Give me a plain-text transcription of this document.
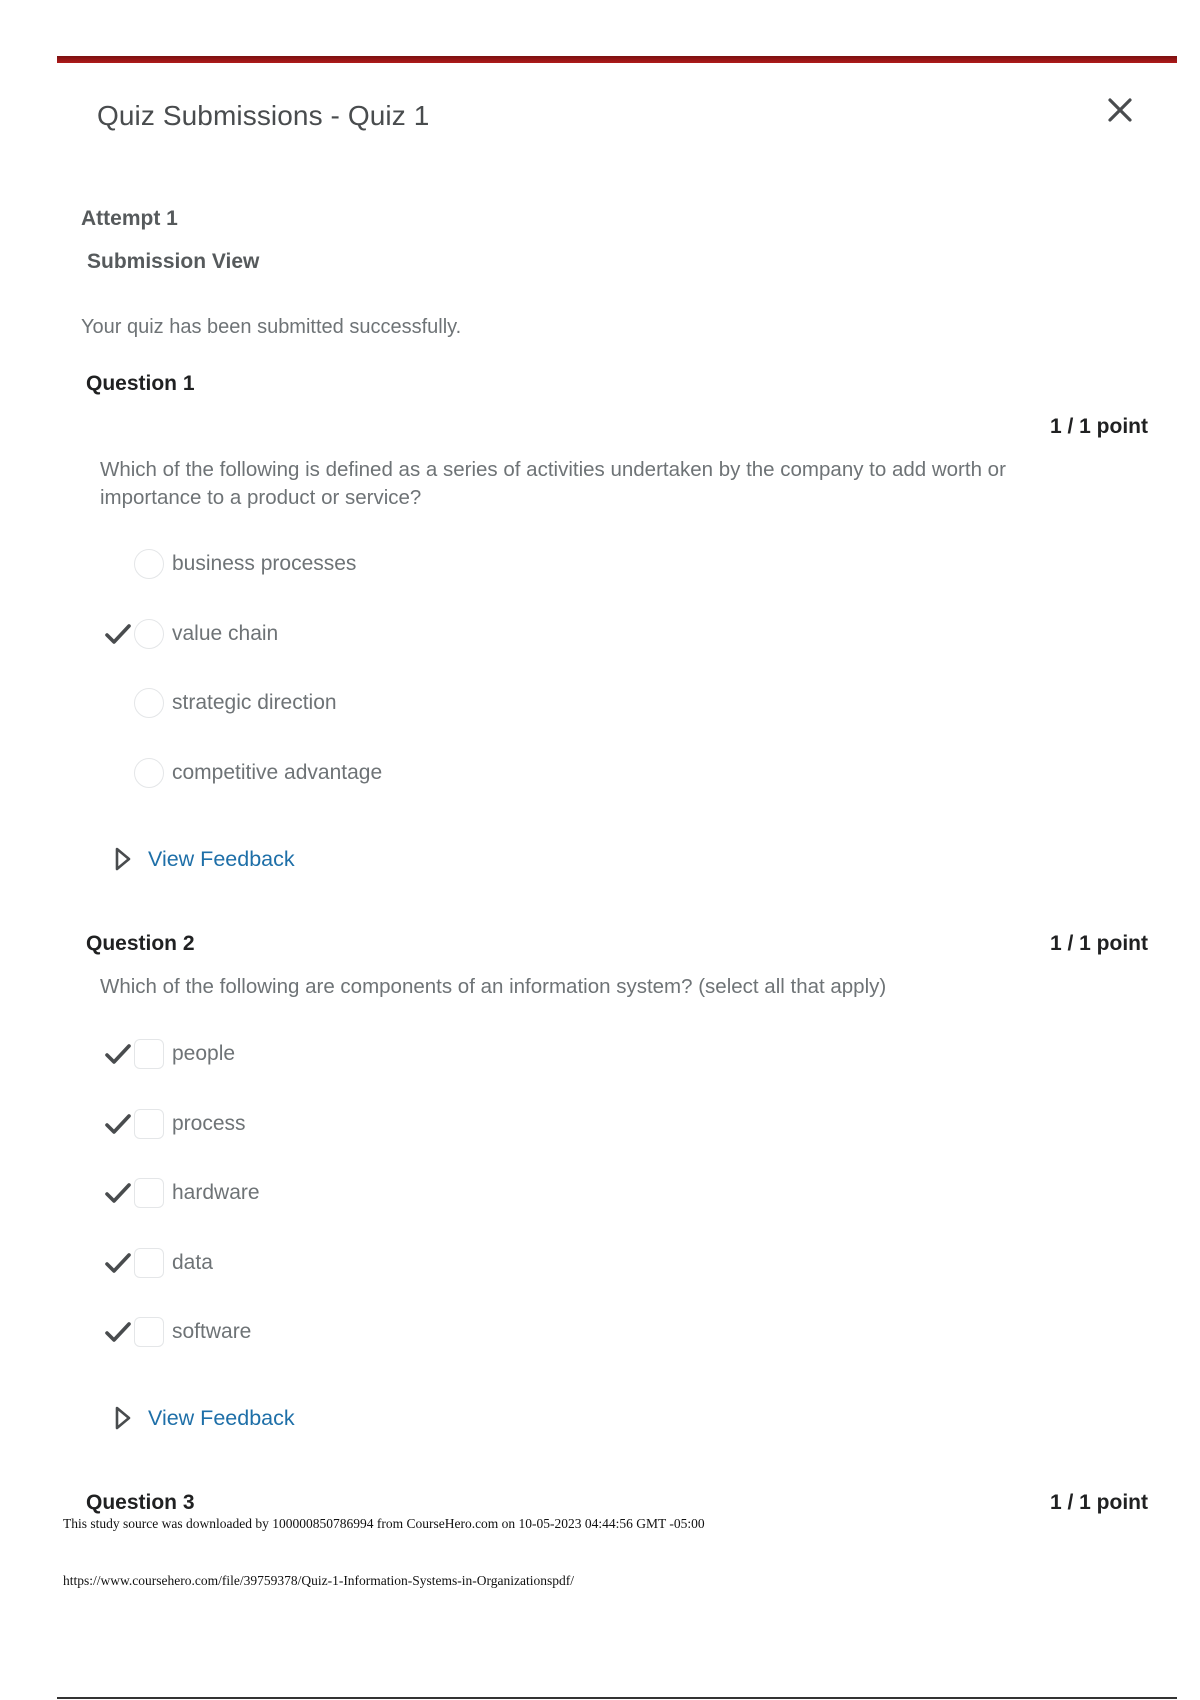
Quiz Submissions - Quiz 1
Attempt 1
Submission View
Your quiz has been submitted successfully.
Question 1
1 / 1 point
Which of the following is defined as a series of activities undertaken by the company to add worth or importance to a product or service?
business processes
value chain
strategic direction
competitive advantage
View Feedback
Question 2	1 / 1 point
Which of the following are components of an information system? (select all that apply)
people
process
hardware
data
software
View Feedback
Question 3	1 / 1 point
This study source was downloaded by 100000850786994 from CourseHero.com on 10-05-2023 04:44:56 GMT -05:00
https://www.coursehero.com/file/39759378/Quiz-1-Information-Systems-in-Organizationspdf/
